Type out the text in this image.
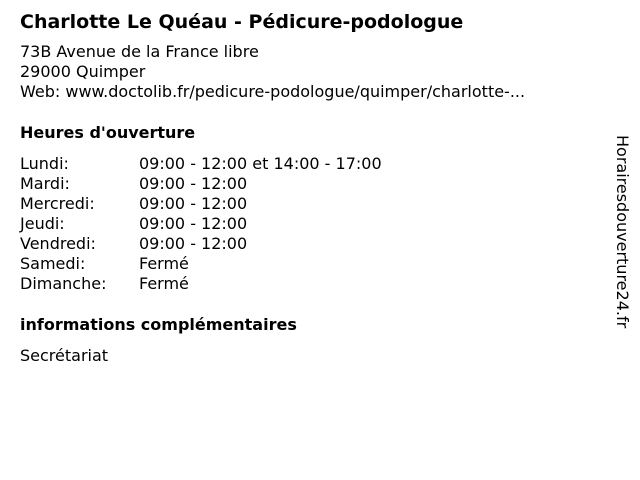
Charlotte Le Quéau - Pédicure-podologue
73B Avenue de la France libre
29000 Quimper
Web: www.doctolib.fr/pedicure-podologue/quimper/charlotte-...
Heures d'ouverture
Lundi:	09:00 - 12:00 et 14:00 - 17:00
Mardi:	09:00 - 12:00
Mercredi:	09:00 - 12:00
Jeudi:	09:00 - 12:00
Vendredi:	09:00 - 12:00
Samedi:	Fermé
Dimanche:	Fermé
informations complémentaires
Secrétariat
Horairesdouverture24.fr
